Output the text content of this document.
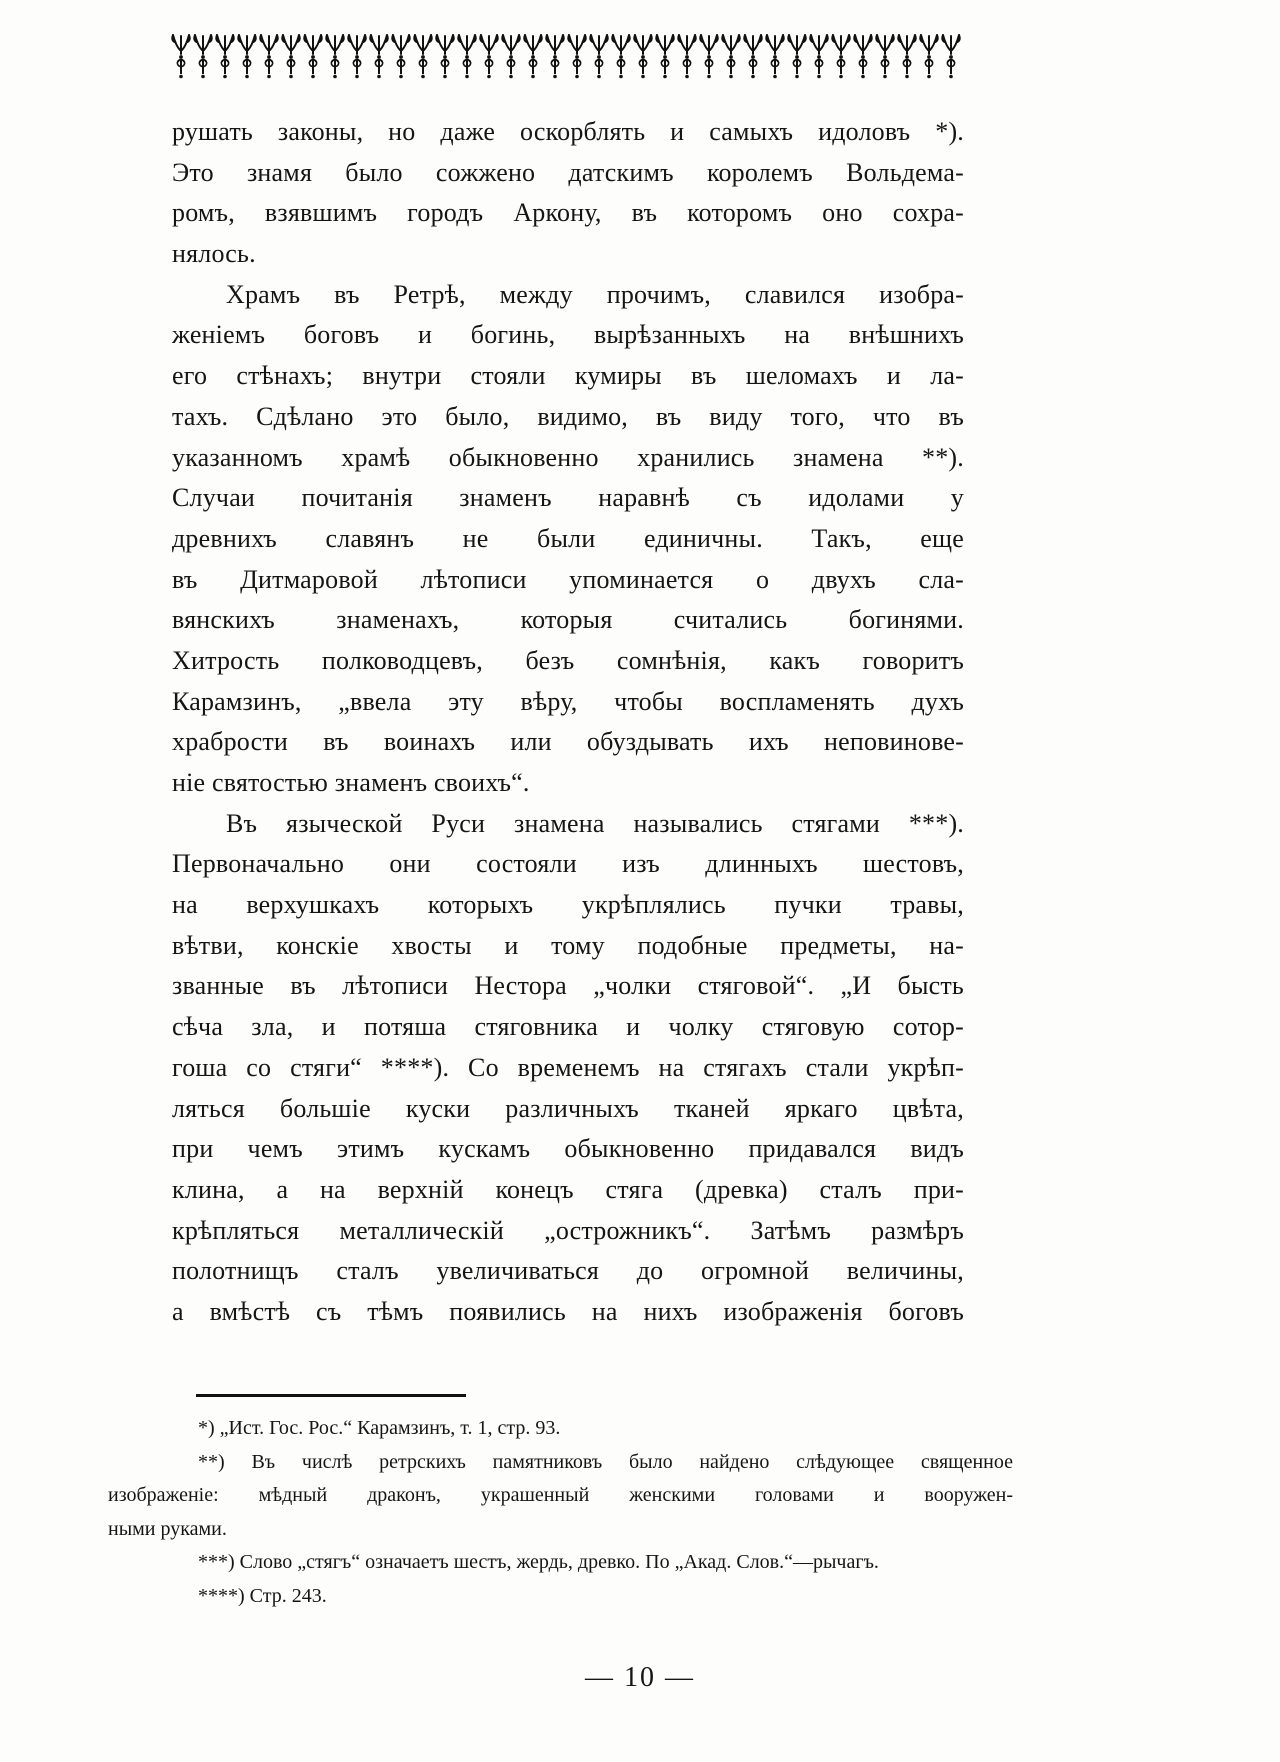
рушать законы, но даже оскорблять и самыхъ идоловъ *).
Это знамя было сожжено датскимъ королемъ Вольдема-
ромъ, взявшимъ городъ Аркону, въ которомъ оно сохра-
нялось.
Храмъ въ Ретрѣ, между прочимъ, славился изобра-
женіемъ боговъ и богинь, вырѣзанныхъ на внѣшнихъ
его стѣнахъ; внутри стояли кумиры въ шеломахъ и ла-
тахъ. Сдѣлано это было, видимо, въ виду того, что въ
указанномъ храмѣ обыкновенно хранились знамена **).
Случаи почитанія знаменъ наравнѣ съ идолами у
древнихъ славянъ не были единичны. Такъ, еще
въ Дитмаровой лѣтописи упоминается о двухъ сла-
вянскихъ знаменахъ, которыя считались богинями.
Хитрость полководцевъ, безъ сомнѣнія, какъ говоритъ
Карамзинъ, „ввела эту вѣру, чтобы воспламенять духъ
храбрости въ воинахъ или обуздывать ихъ неповинове-
ніе святостью знаменъ своихъ“.
Въ языческой Руси знамена назывались стягами ***).
Первоначально они состояли изъ длинныхъ шестовъ,
на верхушкахъ которыхъ укрѣплялись пучки травы,
вѣтви, конскіе хвосты и тому подобные предметы, на-
званные въ лѣтописи Нестора „чолки стяговой“. „И бысть
сѣча зла, и потяша стяговника и чолку стяговую сотор-
гоша со стяги“ ****). Со временемъ на стягахъ стали укрѣп-
ляться большіе куски различныхъ тканей яркаго цвѣта,
при чемъ этимъ кускамъ обыкновенно придавался видъ
клина, а на верхній конецъ стяга (древка) сталъ при-
крѣпляться металлическій „острожникъ“. Затѣмъ размѣръ
полотнищъ сталъ увеличиваться до огромной величины,
а вмѣстѣ съ тѣмъ появились на нихъ изображенія боговъ
*) „Ист. Гос. Рос.“ Карамзинъ, т. 1, стр. 93.
**) Въ числѣ ретрскихъ памятниковъ было найдено слѣдующее священное
изображеніе: мѣдный драконъ, украшенный женскими головами и вооружен-
ными руками.
***) Слово „стягъ“ означаетъ шестъ, жердь, древко. По „Акад. Слов.“—рычагъ.
****) Стр. 243.
— 10 —
